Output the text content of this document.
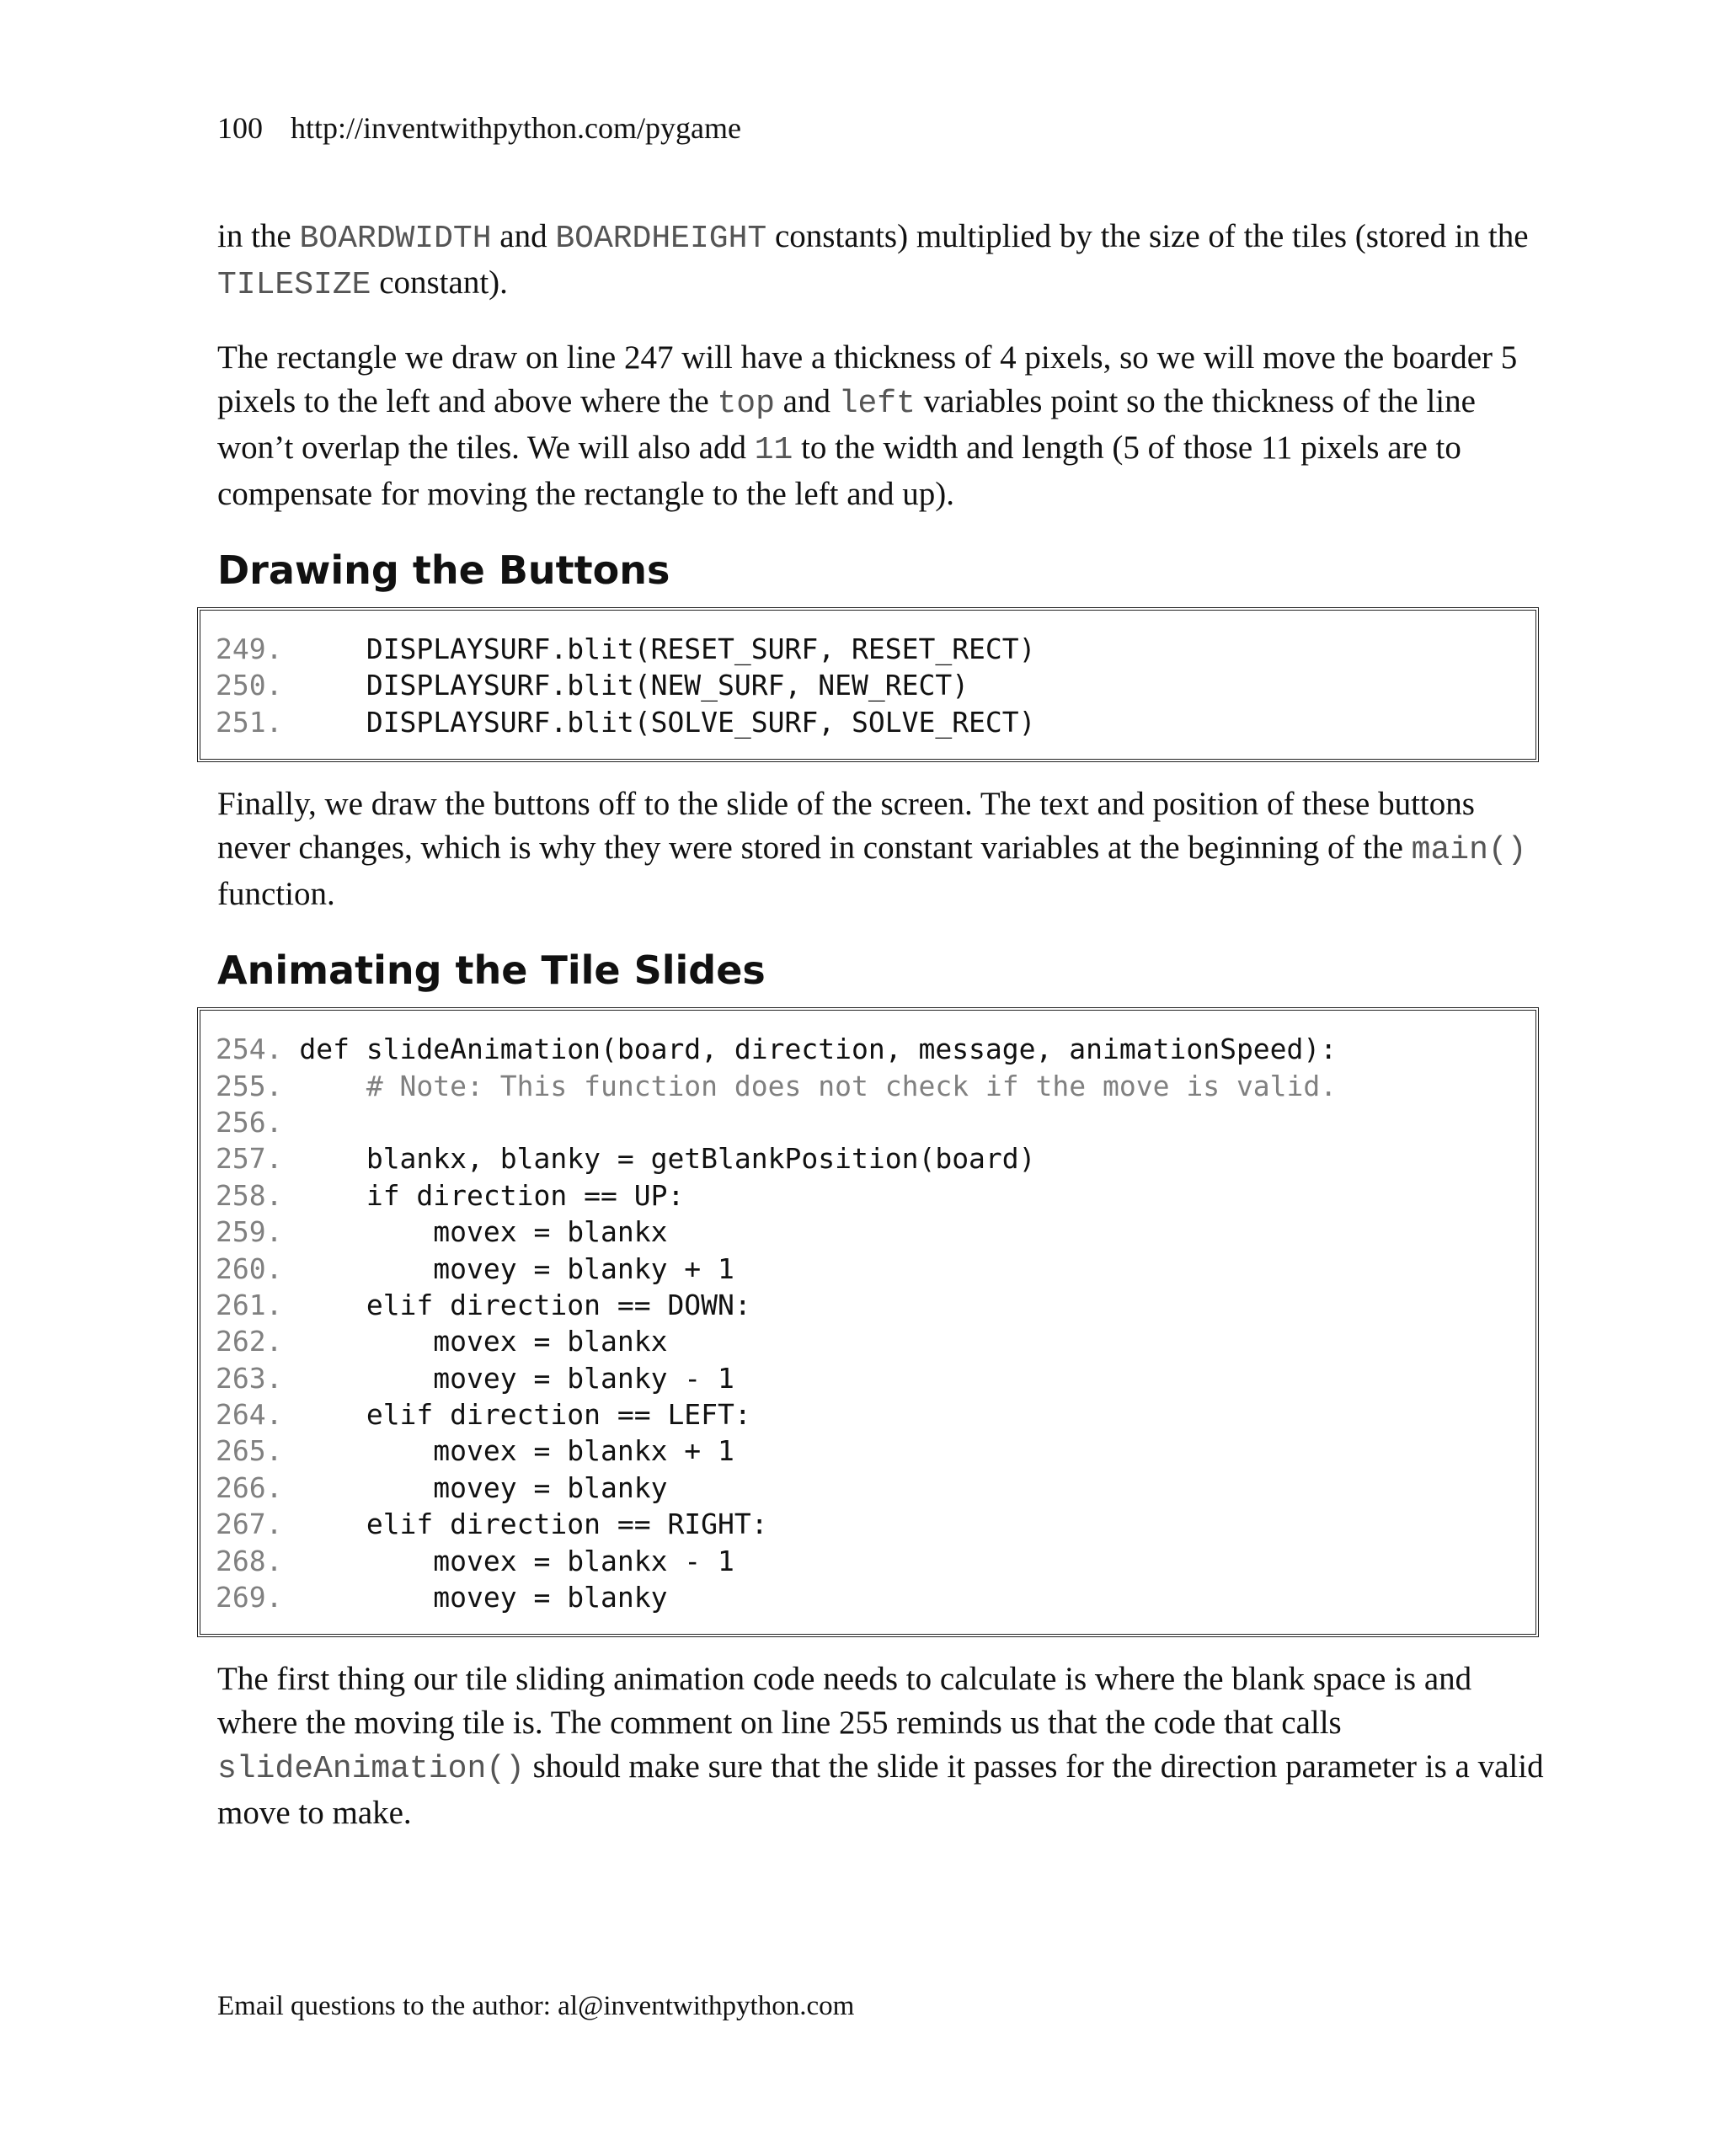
100 http://inventwithpython.com/pygame

in the BOARDWIDTH and BOARDHEIGHT constants) multiplied by the size of the tiles (stored in the TILESIZE constant).

The rectangle we draw on line 247 will have a thickness of 4 pixels, so we will move the boarder 5 pixels to the left and above where the top and left variables point so the thickness of the line won’t overlap the tiles. We will also add 11 to the width and length (5 of those 11 pixels are to compensate for moving the rectangle to the left and up).

Drawing the Buttons
249.     DISPLAYSURF.blit(RESET_SURF, RESET_RECT)
250.     DISPLAYSURF.blit(NEW_SURF, NEW_RECT)
251.     DISPLAYSURF.blit(SOLVE_SURF, SOLVE_RECT)

Finally, we draw the buttons off to the slide of the screen. The text and position of these buttons never changes, which is why they were stored in constant variables at the beginning of the main() function.

Animating the Tile Slides
254. def slideAnimation(board, direction, message, animationSpeed):
255.     # Note: This function does not check if the move is valid.
256.
257.     blankx, blanky = getBlankPosition(board)
258.     if direction == UP:
259.         movex = blankx
260.         movey = blanky + 1
261.     elif direction == DOWN:
262.         movex = blankx
263.         movey = blanky - 1
264.     elif direction == LEFT:
265.         movex = blankx + 1
266.         movey = blanky
267.     elif direction == RIGHT:
268.         movex = blankx - 1
269.         movey = blanky

The first thing our tile sliding animation code needs to calculate is where the blank space is and where the moving tile is. The comment on line 255 reminds us that the code that calls slideAnimation() should make sure that the slide it passes for the direction parameter is a valid move to make.

Email questions to the author: al@inventwithpython.com
